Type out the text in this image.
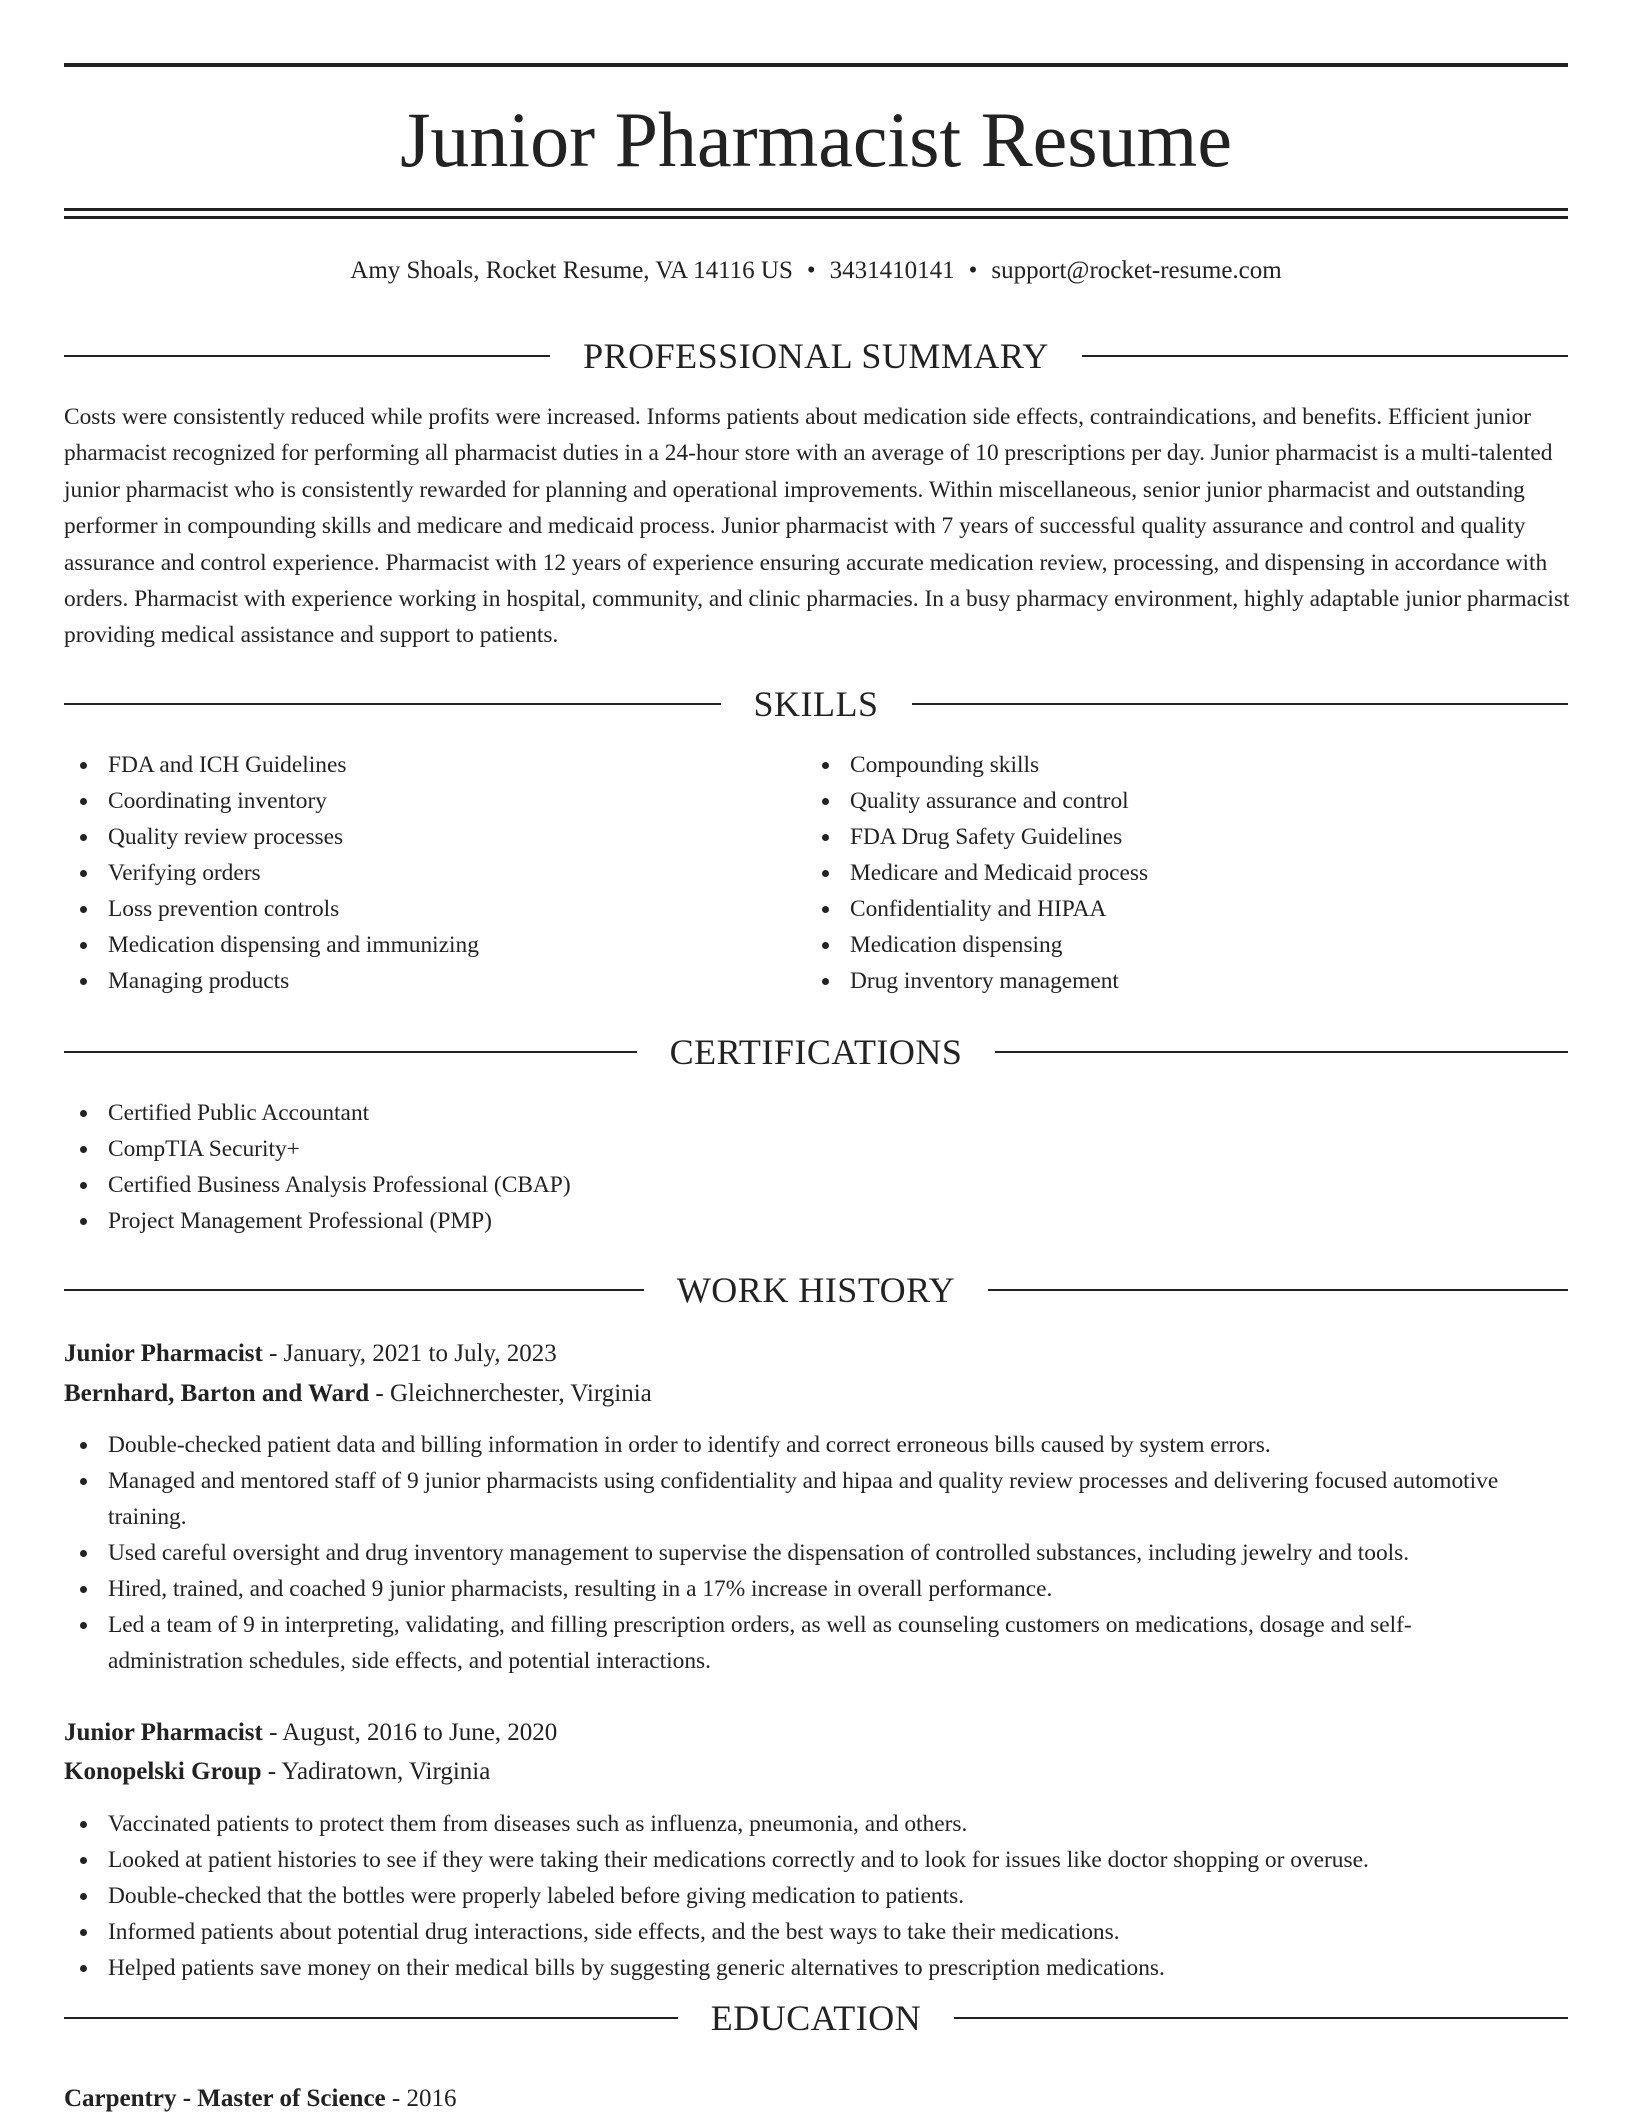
Junior Pharmacist Resume
Amy Shoals, Rocket Resume, VA 14116 US • 3431410141 • support@rocket-resume.com
PROFESSIONAL SUMMARY

Costs were consistently reduced while profits were increased. Informs patients about medication side effects, contraindications, and benefits. Efficient junior pharmacist recognized for performing all pharmacist duties in a 24-hour store with an average of 10 prescriptions per day. Junior pharmacist is a multi-talented junior pharmacist who is consistently rewarded for planning and operational improvements. Within miscellaneous, senior junior pharmacist and outstanding performer in compounding skills and medicare and medicaid process. Junior pharmacist with 7 years of successful quality assurance and control and quality assurance and control experience. Pharmacist with 12 years of experience ensuring accurate medication review, processing, and dispensing in accordance with orders. Pharmacist with experience working in hospital, community, and clinic pharmacies. In a busy pharmacy environment, highly adaptable junior pharmacist providing medical assistance and support to patients.

SKILLS
FDA and ICH Guidelines
Coordinating inventory
Quality review processes
Verifying orders
Loss prevention controls
Medication dispensing and immunizing
Managing products
Compounding skills
Quality assurance and control
FDA Drug Safety Guidelines
Medicare and Medicaid process
Confidentiality and HIPAA
Medication dispensing
Drug inventory management
CERTIFICATIONS
Certified Public Accountant
CompTIA Security+
Certified Business Analysis Professional (CBAP)
Project Management Professional (PMP)
WORK HISTORY
Junior Pharmacist - January, 2021 to July, 2023
Bernhard, Barton and Ward - Gleichnerchester, Virginia
Double-checked patient data and billing information in order to identify and correct erroneous bills caused by system errors.
Managed and mentored staff of 9 junior pharmacists using confidentiality and hipaa and quality review processes and delivering focused automotive training.
Used careful oversight and drug inventory management to supervise the dispensation of controlled substances, including jewelry and tools.
Hired, trained, and coached 9 junior pharmacists, resulting in a 17% increase in overall performance.
Led a team of 9 in interpreting, validating, and filling prescription orders, as well as counseling customers on medications, dosage and self-administration schedules, side effects, and potential interactions.
Junior Pharmacist - August, 2016 to June, 2020
Konopelski Group - Yadiratown, Virginia
Vaccinated patients to protect them from diseases such as influenza, pneumonia, and others.
Looked at patient histories to see if they were taking their medications correctly and to look for issues like doctor shopping or overuse.
Double-checked that the bottles were properly labeled before giving medication to patients.
Informed patients about potential drug interactions, side effects, and the best ways to take their medications.
Helped patients save money on their medical bills by suggesting generic alternatives to prescription medications.
EDUCATION
Carpentry - Master of Science - 2016
